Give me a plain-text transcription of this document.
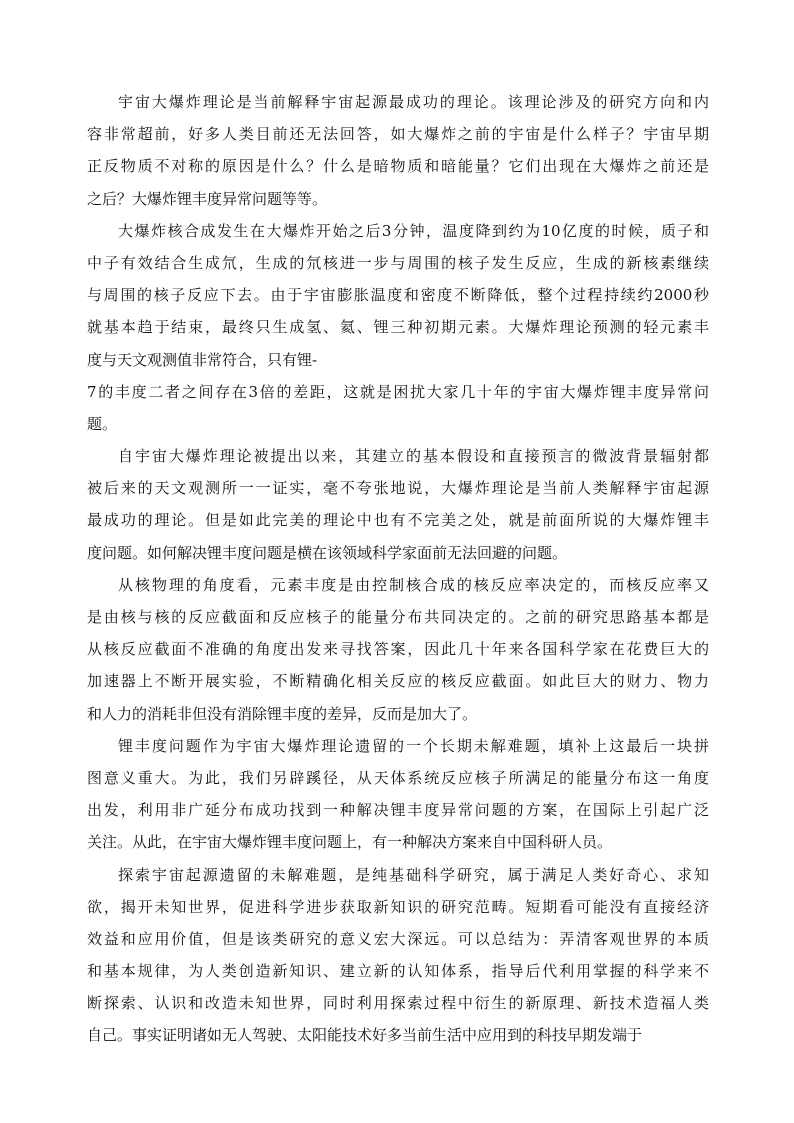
宇宙大爆炸理论是当前解释宇宙起源最成功的理论。该理论涉及的研究方向和内
容非常超前，好多人类目前还无法回答，如大爆炸之前的宇宙是什么样子？宇宙早期
正反物质不对称的原因是什么？什么是暗物质和暗能量？它们出现在大爆炸之前还是
之后？大爆炸锂丰度异常问题等等。
大爆炸核合成发生在大爆炸开始之后3分钟，温度降到约为10亿度的时候，质子和
中子有效结合生成氘，生成的氘核进一步与周围的核子发生反应，生成的新核素继续
与周围的核子反应下去。由于宇宙膨胀温度和密度不断降低，整个过程持续约2000秒
就基本趋于结束，最终只生成氢、氦、锂三种初期元素。大爆炸理论预测的轻元素丰
度与天文观测值非常符合，只有锂-
7的丰度二者之间存在3倍的差距，这就是困扰大家几十年的宇宙大爆炸锂丰度异常问
题。
自宇宙大爆炸理论被提出以来，其建立的基本假设和直接预言的微波背景辐射都
被后来的天文观测所一一证实，毫不夸张地说，大爆炸理论是当前人类解释宇宙起源
最成功的理论。但是如此完美的理论中也有不完美之处，就是前面所说的大爆炸锂丰
度问题。如何解决锂丰度问题是横在该领域科学家面前无法回避的问题。
从核物理的角度看，元素丰度是由控制核合成的核反应率决定的，而核反应率又
是由核与核的反应截面和反应核子的能量分布共同决定的。之前的研究思路基本都是
从核反应截面不准确的角度出发来寻找答案，因此几十年来各国科学家在花费巨大的
加速器上不断开展实验，不断精确化相关反应的核反应截面。如此巨大的财力、物力
和人力的消耗非但没有消除锂丰度的差异，反而是加大了。
锂丰度问题作为宇宙大爆炸理论遗留的一个长期未解难题，填补上这最后一块拼
图意义重大。为此，我们另辟蹊径，从天体系统反应核子所满足的能量分布这一角度
出发，利用非广延分布成功找到一种解决锂丰度异常问题的方案，在国际上引起广泛
关注。从此，在宇宙大爆炸锂丰度问题上，有一种解决方案来自中国科研人员。
探索宇宙起源遗留的未解难题，是纯基础科学研究，属于满足人类好奇心、求知
欲，揭开未知世界，促进科学进步获取新知识的研究范畴。短期看可能没有直接经济
效益和应用价值，但是该类研究的意义宏大深远。可以总结为：弄清客观世界的本质
和基本规律，为人类创造新知识、建立新的认知体系，指导后代利用掌握的科学来不
断探索、认识和改造未知世界，同时利用探索过程中衍生的新原理、新技术造福人类
自己。事实证明诸如无人驾驶、太阳能技术好多当前生活中应用到的科技早期发端于
